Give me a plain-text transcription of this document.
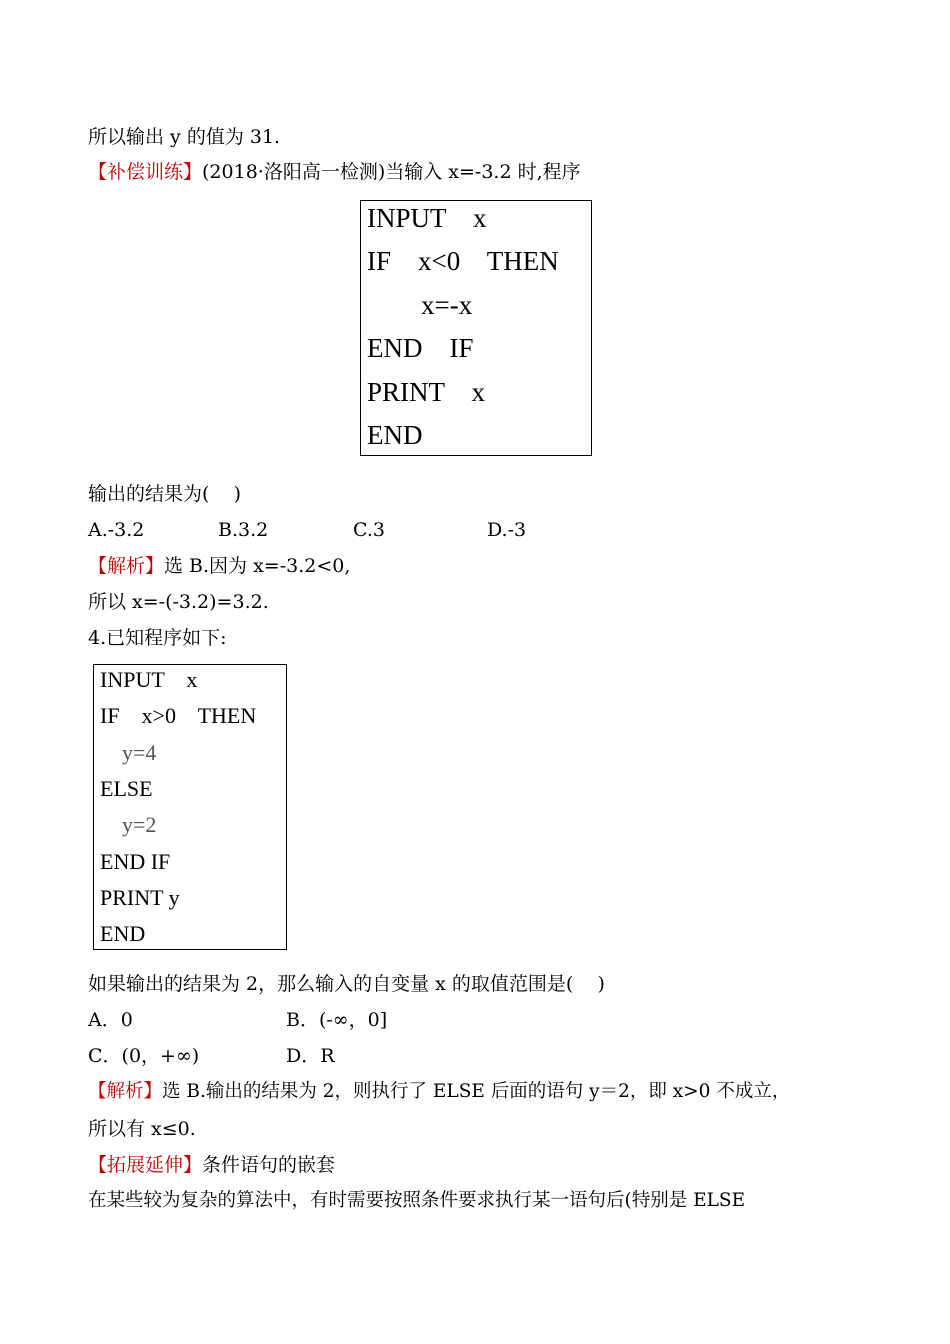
所以输出 y 的值为 31.
【补偿训练】(2018·洛阳高一检测)当输入 x=-3.2 时,程序
INPUT    x
IF    x<0    THEN
x=-x
END    IF
PRINT    x
END
输出的结果为(    )
A.-3.2	B.3.2	C.3	D.-3
【解析】选 B.因为 x=-3.2<0,
所以 x=-(-3.2)=3.2.
4.已知程序如下:
INPUT    x
IF    x>0    THEN
y=4
ELSE
y=2
END IF
PRINT y
END
如果输出的结果为 2，那么输入的自变量 x 的取值范围是(    )
A．0	B．(-∞，0]
C．(0，+∞)	D．R
【解析】选 B.输出的结果为 2，则执行了 ELSE 后面的语句 y＝2，即 x>0 不成立，
所以有 x≤0.
【拓展延伸】条件语句的嵌套
在某些较为复杂的算法中，有时需要按照条件要求执行某一语句后(特别是 ELSE
